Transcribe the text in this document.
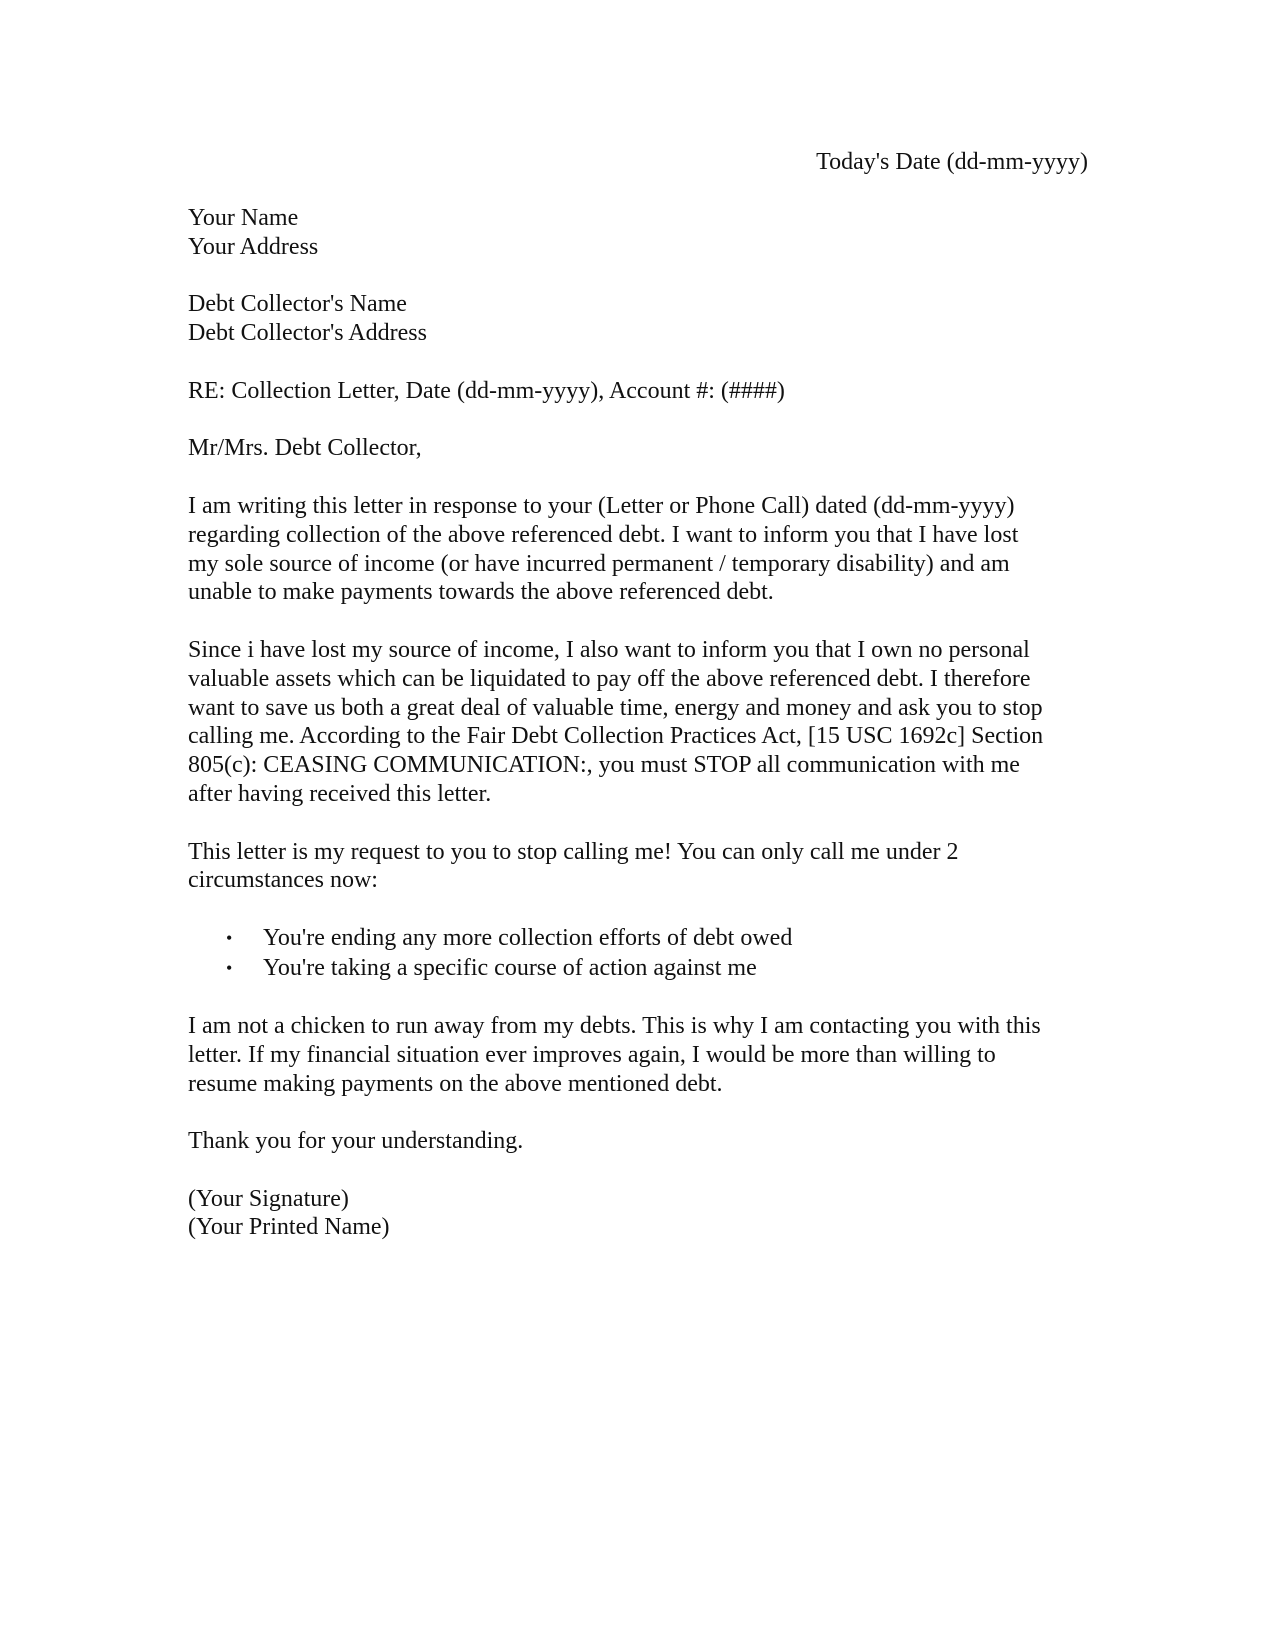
Today's Date (dd-mm-yyyy)
Your Name
Your Address
Debt Collector's Name
Debt Collector's Address
RE: Collection Letter, Date (dd-mm-yyyy), Account #: (####)
Mr/Mrs. Debt Collector,
I am writing this letter in response to your (Letter or Phone Call) dated (dd-mm-yyyy)
regarding collection of the above referenced debt. I want to inform you that I have lost
my sole source of income (or have incurred permanent / temporary disability) and am
unable to make payments towards the above referenced debt.
Since i have lost my source of income, I also want to inform you that I own no personal
valuable assets which can be liquidated to pay off the above referenced debt. I therefore
want to save us both a great deal of valuable time, energy and money and ask you to stop
calling me. According to the Fair Debt Collection Practices Act, [15 USC 1692c] Section
805(c): CEASING COMMUNICATION:, you must STOP all communication with me
after having received this letter.
This letter is my request to you to stop calling me! You can only call me under 2
circumstances now:
• You're ending any more collection efforts of debt owed
• You're taking a specific course of action against me
I am not a chicken to run away from my debts. This is why I am contacting you with this
letter. If my financial situation ever improves again, I would be more than willing to
resume making payments on the above mentioned debt.
Thank you for your understanding.
(Your Signature)
(Your Printed Name)
